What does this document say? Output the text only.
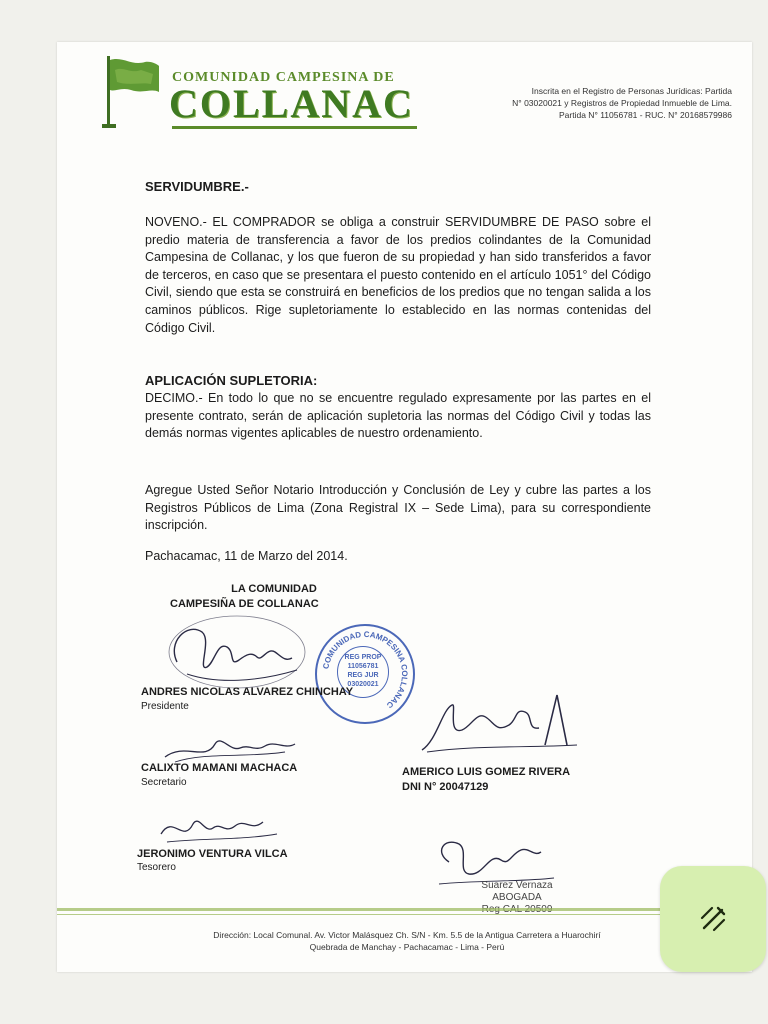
COMUNIDAD CAMPESINA DE
COLLANAC	Inscrita en el Registro de Personas Jurídicas: Partida
N° 03020021 y Registros de Propiedad Inmueble de Lima.
Partida N° 11056781 - RUC. N° 20168579986
SERVIDUMBRE.-
NOVENO.- EL COMPRADOR se obliga a construir SERVIDUMBRE DE PASO sobre el predio materia de transferencia a favor de los predios colindantes de la Comunidad Campesina de Collanac, y los que fueron de su propiedad y han sido transferidos a favor de terceros, en caso que se presentara el puesto contenido en el artículo 1051° del Código Civil, siendo que esta se construirá en beneficios de los predios que no tengan salida a los caminos públicos. Rige supletoriamente lo establecido en las normas contenidas del Código Civil.
APLICACIÓN SUPLETORIA:
DECIMO.- En todo lo que no se encuentre regulado expresamente por las partes en el presente contrato, serán de aplicación supletoria las normas del Código Civil y todas las demás normas vigentes aplicables de nuestro ordenamiento.
Agregue Usted Señor Notario Introducción y Conclusión de Ley y cubre las partes a los Registros Públicos de Lima (Zona Registral IX – Sede Lima), para su correspondiente inscripción.
Pachacamac, 11 de Marzo del 2014.
LA COMUNIDAD
CAMPESIÑA DE COLLANAC
COMUNIDAD CAMPESINA COLLANAC
REG PROP
11056781
REG JUR
03020021
ANDRES NICOLAS ALVAREZ CHINCHAY
Presidente
CALIXTO MAMANI MACHACA
Secretario
AMERICO LUIS GOMEZ RIVERA
DNI N° 20047129
JERONIMO VENTURA VILCA
Tesorero
Suarez Vernaza
ABOGADA
Dirección: Local Comunal. Av. Victor Malásquez Ch. S/N - Km. 5.5 de la Antigua Carretera a Huarochirí
Quebrada de Manchay - Pachacamac - Lima - Perú
